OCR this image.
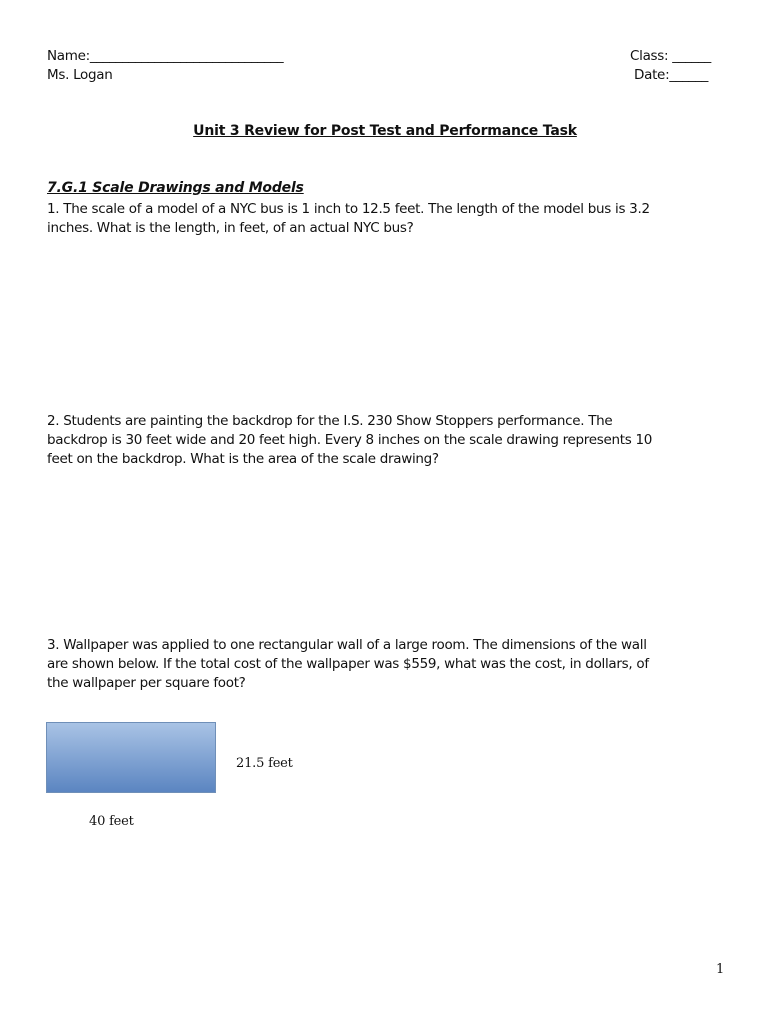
Name:______________________________
Ms. Logan
Class: ______
Date:______
Unit 3 Review for Post Test and Performance Task
7.G.1 Scale Drawings and Models
1. The scale of a model of a NYC bus is 1 inch to 12.5 feet. The length of the model bus is 3.2
inches. What is the length, in feet, of an actual NYC bus?
2. Students are painting the backdrop for the I.S. 230 Show Stoppers performance. The
backdrop is 30 feet wide and 20 feet high. Every 8 inches on the scale drawing represents 10
feet on the backdrop. What is the area of the scale drawing?
3. Wallpaper was applied to one rectangular wall of a large room. The dimensions of the wall
are shown below. If the total cost of the wallpaper was $559, what was the cost, in dollars, of
the wallpaper per square foot?
21.5 feet
40 feet
1
